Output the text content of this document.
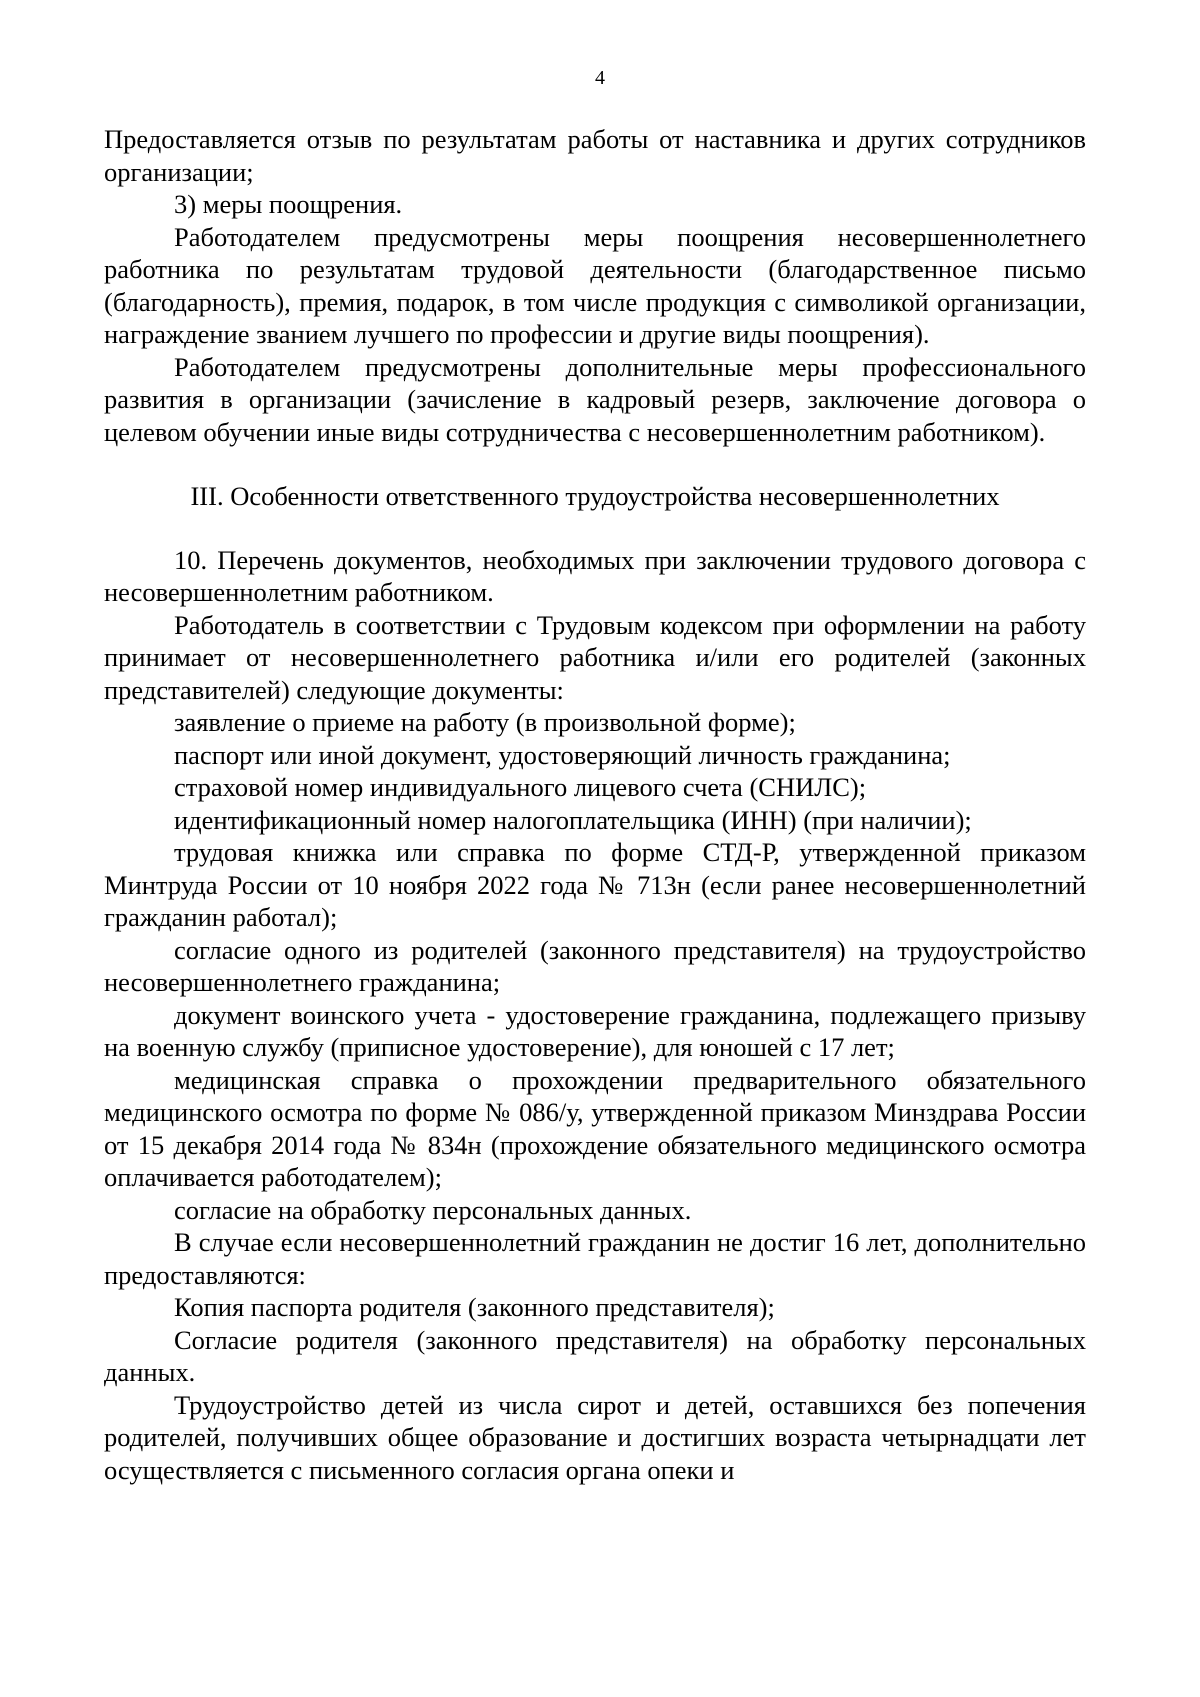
4

Предоставляется отзыв по результатам работы от наставника и других сотрудников организации;

3) меры поощрения.

Работодателем предусмотрены меры поощрения несовершеннолетнего работника по результатам трудовой деятельности (благодарственное письмо (благодарность), премия, подарок, в том числе продукция с символикой организации, награждение званием лучшего по профессии и другие виды поощрения).

Работодателем предусмотрены дополнительные меры профессионального развития в организации (зачисление в кадровый резерв, заключение договора о целевом обучении иные виды сотрудничества с несовершеннолетним работником).

III. Особенности ответственного трудоустройства несовершеннолетних

10. Перечень документов, необходимых при заключении трудового договора с несовершеннолетним работником.

Работодатель в соответствии с Трудовым кодексом при оформлении на работу принимает от несовершеннолетнего работника и/или его родителей (законных представителей) следующие документы:

заявление о приеме на работу (в произвольной форме);

паспорт или иной документ, удостоверяющий личность гражданина;

страховой номер индивидуального лицевого счета (СНИЛС);

идентификационный номер налогоплательщика (ИНН) (при наличии);

трудовая книжка или справка по форме СТД-Р, утвержденной приказом Минтруда России от 10 ноября 2022 года № 713н (если ранее несовершеннолетний гражданин работал);

согласие одного из родителей (законного представителя) на трудоустройство несовершеннолетнего гражданина;

документ воинского учета - удостоверение гражданина, подлежащего призыву на военную службу (приписное удостоверение), для юношей с 17 лет;

медицинская справка о прохождении предварительного обязательного медицинского осмотра по форме № 086/у, утвержденной приказом Минздрава России от 15 декабря 2014 года № 834н (прохождение обязательного медицинского осмотра оплачивается работодателем);

согласие на обработку персональных данных.

В случае если несовершеннолетний гражданин не достиг 16 лет, дополнительно предоставляются:

Копия паспорта родителя (законного представителя);

Согласие родителя (законного представителя) на обработку персональных данных.

Трудоустройство детей из числа сирот и детей, оставшихся без попечения родителей, получивших общее образование и достигших возраста четырнадцати лет осуществляется с письменного согласия органа опеки и
